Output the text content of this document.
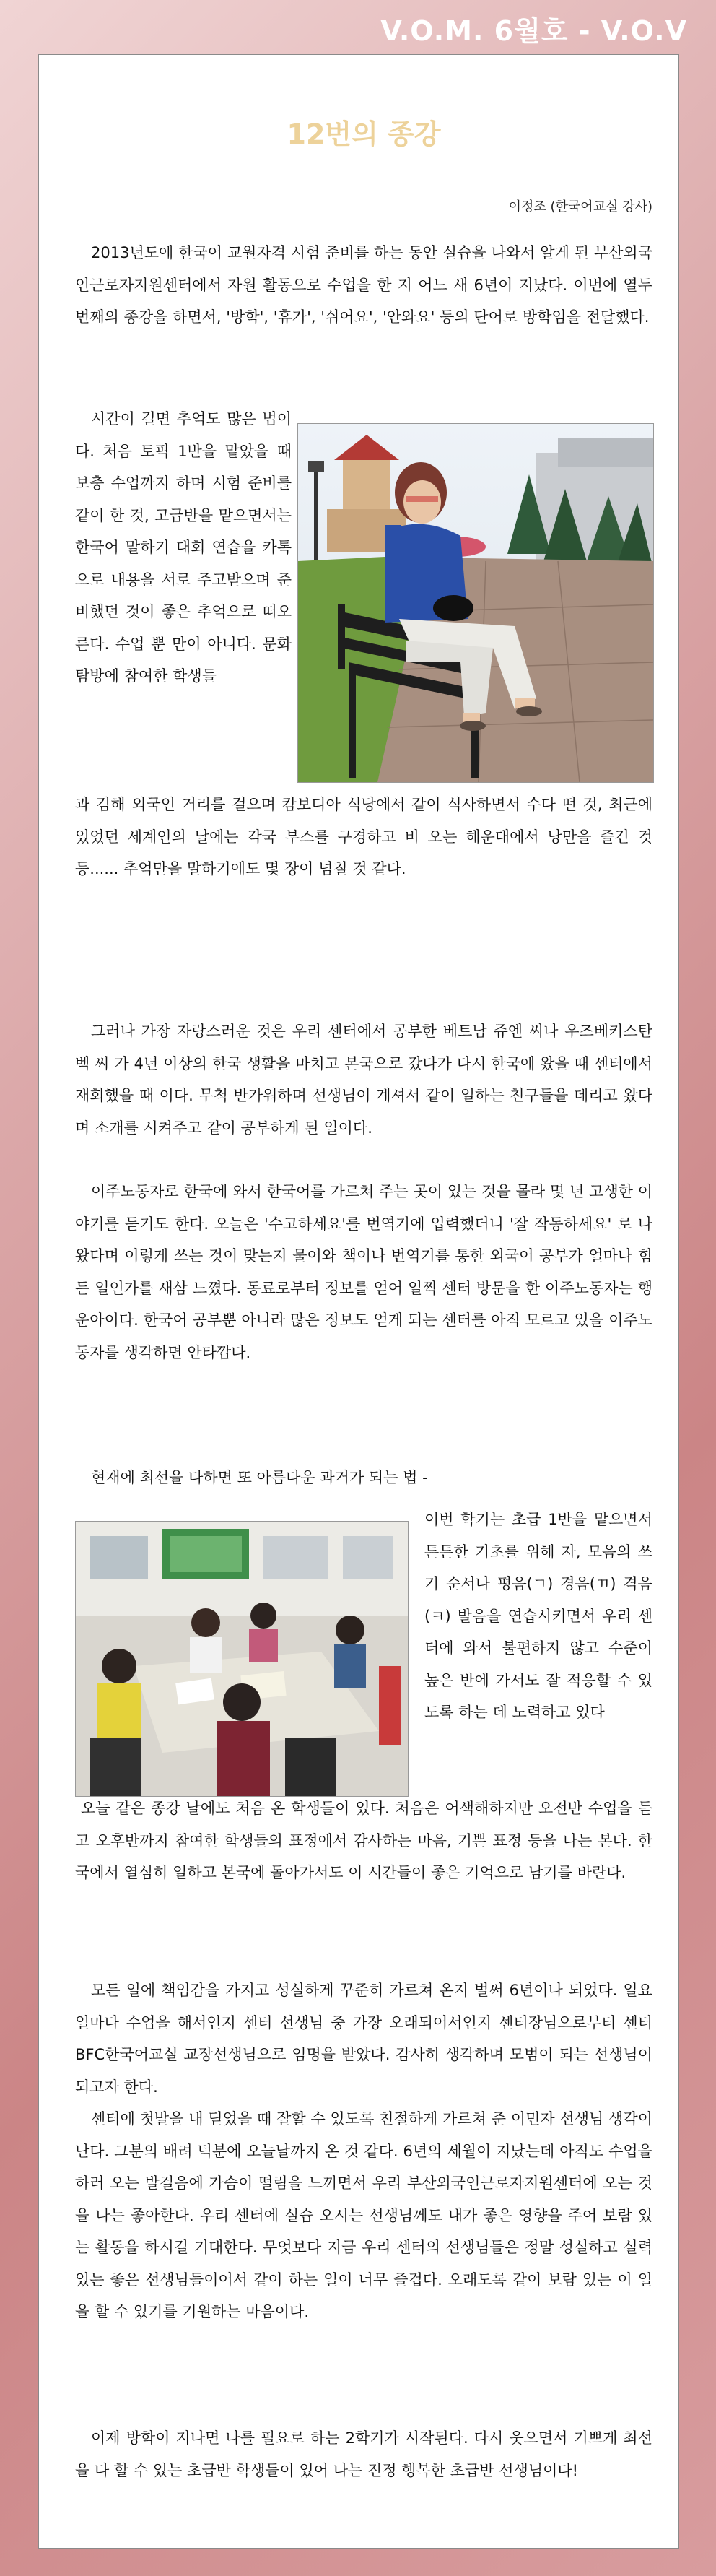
V.O.M. 6월호 - V.O.V
12번의 종강
이정조 (한국어교실 강사)

2013년도에 한국어 교원자격 시험 준비를 하는 동안 실습을 나와서 알게 된 부산외국인근로자지원센터에서 자원 활동으로 수업을 한 지 어느 새 6년이 지났다. 이번에 열두 번째의 종강을 하면서, '방학', '휴가', '쉬어요', '안와요' 등의 단어로 방학임을 전달했다.

시간이 길면 추억도 많은 법이다. 처음 토픽 1반을 맡았을 때 보충 수업까지 하며 시험 준비를 같이 한 것, 고급반을 맡으면서는 한국어 말하기 대회 연습을 카톡으로 내용을 서로 주고받으며 준비했던 것이 좋은 추억으로 떠오른다. 수업 뿐 만이 아니다. 문화 탐방에 참여한 학생들

과 김해 외국인 거리를 걸으며 캄보디아 식당에서 같이 식사하면서 수다 떤 것, 최근에 있었던 세계인의 날에는 각국 부스를 구경하고 비 오는 해운대에서 낭만을 즐긴 것 등...... 추억만을 말하기에도 몇 장이 넘칠 것 같다.

그러나 가장 자랑스러운 것은 우리 센터에서 공부한 베트남 쥬엔 씨나 우즈베키스탄 벡 씨 가 4년 이상의 한국 생활을 마치고 본국으로 갔다가 다시 한국에 왔을 때 센터에서 재회했을 때 이다. 무척 반가워하며 선생님이 계셔서 같이 일하는 친구들을 데리고 왔다며 소개를 시켜주고 같이 공부하게 된 일이다.

이주노동자로 한국에 와서 한국어를 가르쳐 주는 곳이 있는 것을 몰라 몇 년 고생한 이야기를 듣기도 한다. 오늘은 '수고하세요'를 번역기에 입력했더니 '잘 작동하세요' 로 나왔다며 이렇게 쓰는 것이 맞는지 물어와 책이나 번역기를 통한 외국어 공부가 얼마나 힘든 일인가를 새삼 느꼈다. 동료로부터 정보를 얻어 일찍 센터 방문을 한 이주노동자는 행운아이다. 한국어 공부뿐 아니라 많은 정보도 얻게 되는 센터를 아직 모르고 있을 이주노동자를 생각하면 안타깝다.

현재에 최선을 다하면 또 아름다운 과거가 되는 법 -

이번 학기는 초급 1반을 맡으면서 튼튼한 기초를 위해 자, 모음의 쓰기 순서나 평음(ㄱ) 경음(ㄲ) 격음(ㅋ) 발음을 연습시키면서 우리 센터에 와서 불편하지 않고 수준이 높은 반에 가서도 잘 적응할 수 있도록 하는 데 노력하고 있다

오늘 같은 종강 날에도 처음 온 학생들이 있다. 처음은 어색해하지만 오전반 수업을 듣고 오후반까지 참여한 학생들의 표정에서 감사하는 마음, 기쁜 표정 등을 나는 본다. 한국에서 열심히 일하고 본국에 돌아가서도 이 시간들이 좋은 기억으로 남기를 바란다.

모든 일에 책임감을 가지고 성실하게 꾸준히 가르쳐 온지 벌써 6년이나 되었다. 일요일마다 수업을 해서인지 센터 선생님 중 가장 오래되어서인지 센터장님으로부터 센터 BFC한국어교실 교장선생님으로 임명을 받았다. 감사히 생각하며 모범이 되는 선생님이 되고자 한다.

센터에 첫발을 내 딛었을 때 잘할 수 있도록 친절하게 가르쳐 준 이민자 선생님 생각이 난다. 그분의 배려 덕분에 오늘날까지 온 것 같다. 6년의 세월이 지났는데 아직도 수업을 하러 오는 발걸음에 가슴이 떨림을 느끼면서 우리 부산외국인근로자지원센터에 오는 것을 나는 좋아한다. 우리 센터에 실습 오시는 선생님께도 내가 좋은 영향을 주어 보람 있는 활동을 하시길 기대한다. 무엇보다 지금 우리 센터의 선생님들은 정말 성실하고 실력 있는 좋은 선생님들이어서 같이 하는 일이 너무 즐겁다. 오래도록 같이 보람 있는 이 일을 할 수 있기를 기원하는 마음이다.

이제 방학이 지나면 나를 필요로 하는 2학기가 시작된다. 다시 웃으면서 기쁘게 최선을 다 할 수 있는 초급반 학생들이 있어 나는 진정 행복한 초급반 선생님이다!
